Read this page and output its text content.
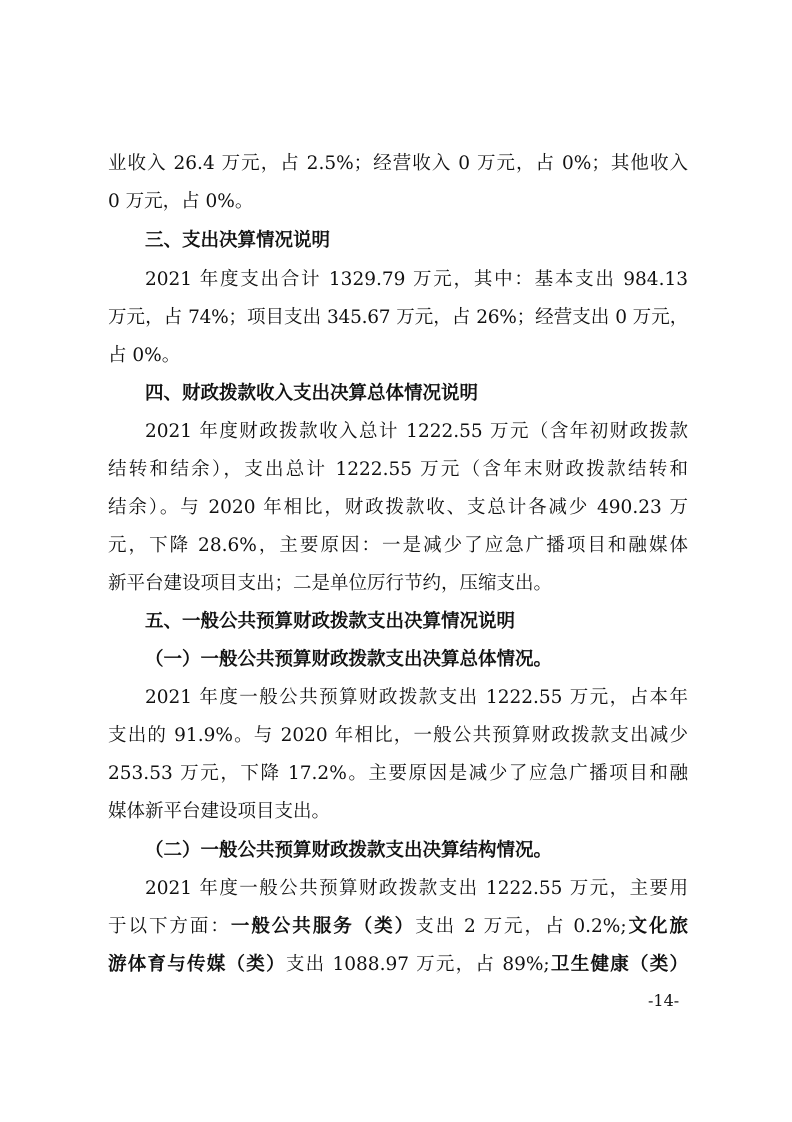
业收入 26.4 万元，占 2.5%；经营收入 0 万元，占 0%；其他收入

0 万元，占 0%。

三、支出决算情况说明

2021 年度支出合计 1329.79 万元，其中：基本支出 984.13

万元，占 74%；项目支出 345.67 万元，占 26%；经营支出 0 万元，

占 0%。

四、财政拨款收入支出决算总体情况说明

2021 年度财政拨款收入总计 1222.55 万元（含年初财政拨款

结转和结余），支出总计 1222.55 万元（含年末财政拨款结转和

结余）。与 2020 年相比，财政拨款收、支总计各减少 490.23 万

元，下降 28.6%，主要原因：一是减少了应急广播项目和融媒体

新平台建设项目支出；二是单位厉行节约，压缩支出。

五、一般公共预算财政拨款支出决算情况说明

（一）一般公共预算财政拨款支出决算总体情况。

2021 年度一般公共预算财政拨款支出 1222.55 万元，占本年

支出的 91.9%。与 2020 年相比，一般公共预算财政拨款支出减少

253.53 万元，下降 17.2%。主要原因是减少了应急广播项目和融

媒体新平台建设项目支出。

（二）一般公共预算财政拨款支出决算结构情况。

2021 年度一般公共预算财政拨款支出 1222.55 万元，主要用

于以下方面：一般公共服务（类）支出 2 万元，占 0.2%;文化旅

游体育与传媒（类）支出 1088.97 万元，占 89%;卫生健康（类）

-14-
